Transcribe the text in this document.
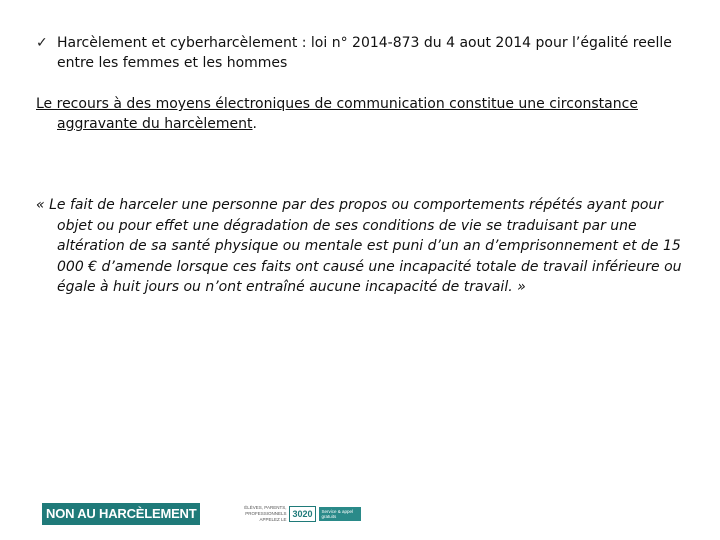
✓ Harcèlement et cyberharcèlement : loi n° 2014-873 du 4 aout 2014 pour l’égalité reelle
entre les femmes et les hommes
Le recours à des moyens électroniques de communication constitue une circonstance
aggravante du harcèlement.
« Le fait de harceler une personne par des propos ou comportements répétés ayant pour
objet ou pour effet une dégradation de ses conditions de vie se traduisant par une
altération de sa santé physique ou mentale est puni d’un an d’emprisonnement et de 15
000 € d’amende lorsque ces faits ont causé une incapacité totale de travail inférieure ou
égale à huit jours ou n’ont entraîné aucune incapacité de travail. »
NON AU HARCÈLEMENT	ÉLÈVES, PARENTS, PROFESSIONNELS
APPELEZ LE
3020	Service & appel
gratuits
